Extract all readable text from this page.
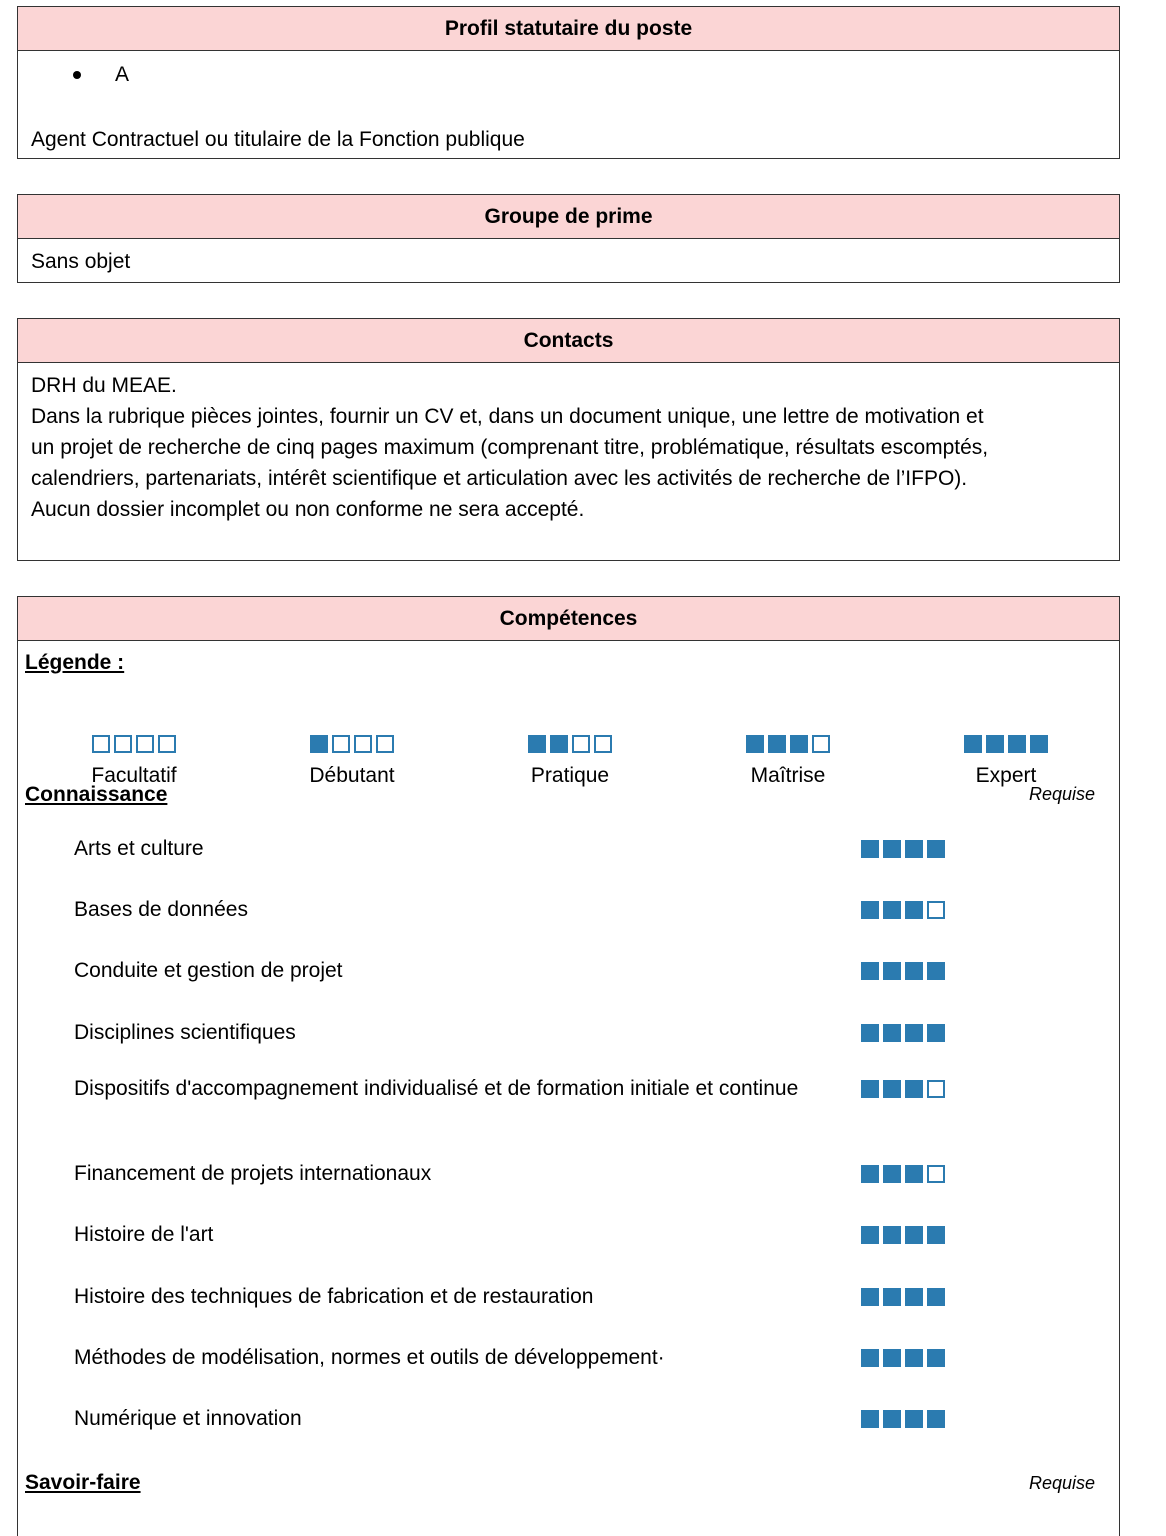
Profil statutaire du poste
A
Agent Contractuel ou titulaire de la Fonction publique
Groupe de prime
Sans objet
Contacts
DRH du MEAE.
Dans la rubrique pièces jointes, fournir un CV et, dans un document unique, une lettre de motivation et
un projet de recherche de cinq pages maximum (comprenant titre, problématique, résultats escomptés,
calendriers, partenariats, intérêt scientifique et articulation avec les activités de recherche de l’IFPO).
Aucun dossier incomplet ou non conforme ne sera accepté.
Compétences
Légende :
Facultatif	Débutant	Pratique	Maîtrise	Expert
Connaissance	Requise
Arts et culture
Bases de données
Conduite et gestion de projet
Disciplines scientifiques
Dispositifs d'accompagnement individualisé et de formation initiale et continue
Financement de projets internationaux
Histoire de l'art
Histoire des techniques de fabrication et de restauration
Méthodes de modélisation, normes et outils de développement·
Numérique et innovation
Savoir-faire	Requise
